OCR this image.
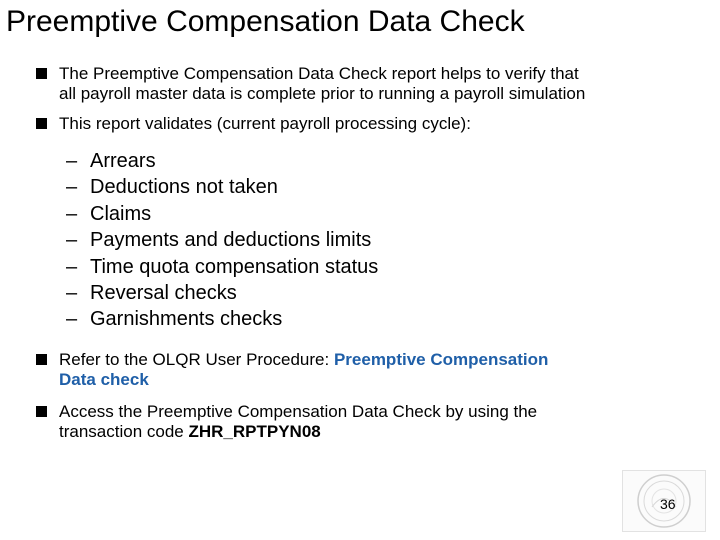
Preemptive Compensation Data Check
The Preemptive Compensation Data Check report helps to verify that
all payroll master data is complete prior to running a payroll simulation
This report validates (current payroll processing cycle):
– Arrears
– Deductions not taken
– Claims
– Payments and deductions limits
– Time quota compensation status
– Reversal checks
– Garnishments checks
Refer to the OLQR User Procedure: Preemptive Compensation
Data check
Access the Preemptive Compensation Data Check by using the
transaction code ZHR_RPTPYN08
36
